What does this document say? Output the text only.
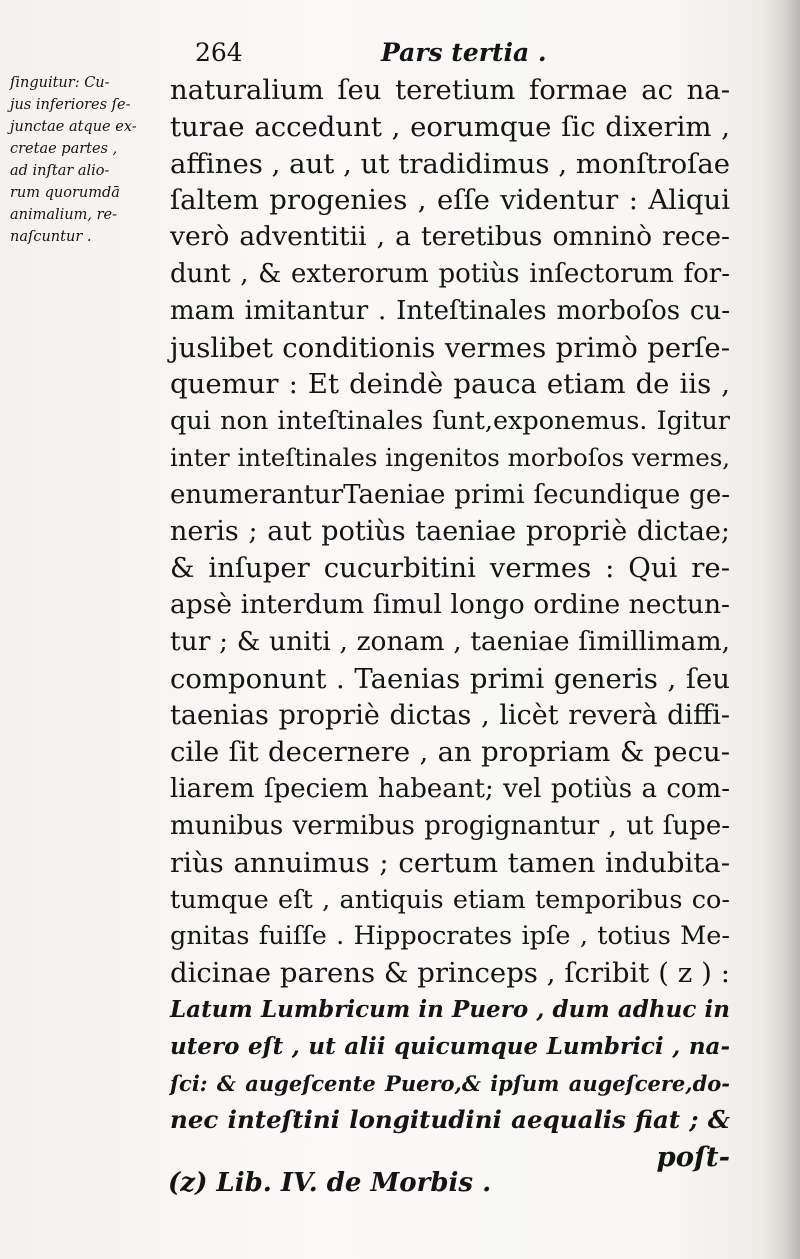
264	Pars tertia .
ſinguitur: Cu-
jus inferiores ſe-
junctae atque ex-
cretae partes ,
ad inſtar alio-
rum quorumdā
animalium, re-
naſcuntur .
naturalium ſeu teretium formae ac na-
turae accedunt , eorumque ſic dixerim ,
affines , aut , ut tradidimus , monſtroſae
ſaltem progenies , eſſe videntur : Aliqui
verò adventitii , a teretibus omninò rece-
dunt , & exterorum potiùs inſectorum for-
mam imitantur . Inteſtinales morboſos cu-
juslibet conditionis vermes primò perſe-
quemur : Et deindè pauca etiam de iis ,
qui non inteſtinales ſunt,exponemus. Igitur
inter inteſtinales ingenitos morboſos vermes,
enumeranturTaeniae primi ſecundique ge-
neris ; aut potiùs taeniae propriè dictae;
& inſuper cucurbitini vermes : Qui re-
apsè interdum ſimul longo ordine nectun-
tur ; & uniti , zonam , taeniae ſimillimam,
componunt . Taenias primi generis , ſeu
taenias propriè dictas , licèt reverà diffi-
cile ſit decernere , an propriam & pecu-
liarem ſpeciem habeant; vel potiùs a com-
munibus vermibus progignantur , ut ſupe-
riùs annuimus ; certum tamen indubita-
tumque eſt , antiquis etiam temporibus co-
gnitas fuiſſe . Hippocrates ipſe , totius Me-
dicinae parens & princeps , ſcribit ( z ) :
Latum Lumbricum in Puero , dum adhuc in
utero eſt , ut alii quicumque Lumbrici , na-
ſci: & augeſcente Puero,& ipſum augeſcere,do-
nec inteſtini longitudini aequalis fiat ; &
poſt-
(z) Lib. IV. de Morbis .
